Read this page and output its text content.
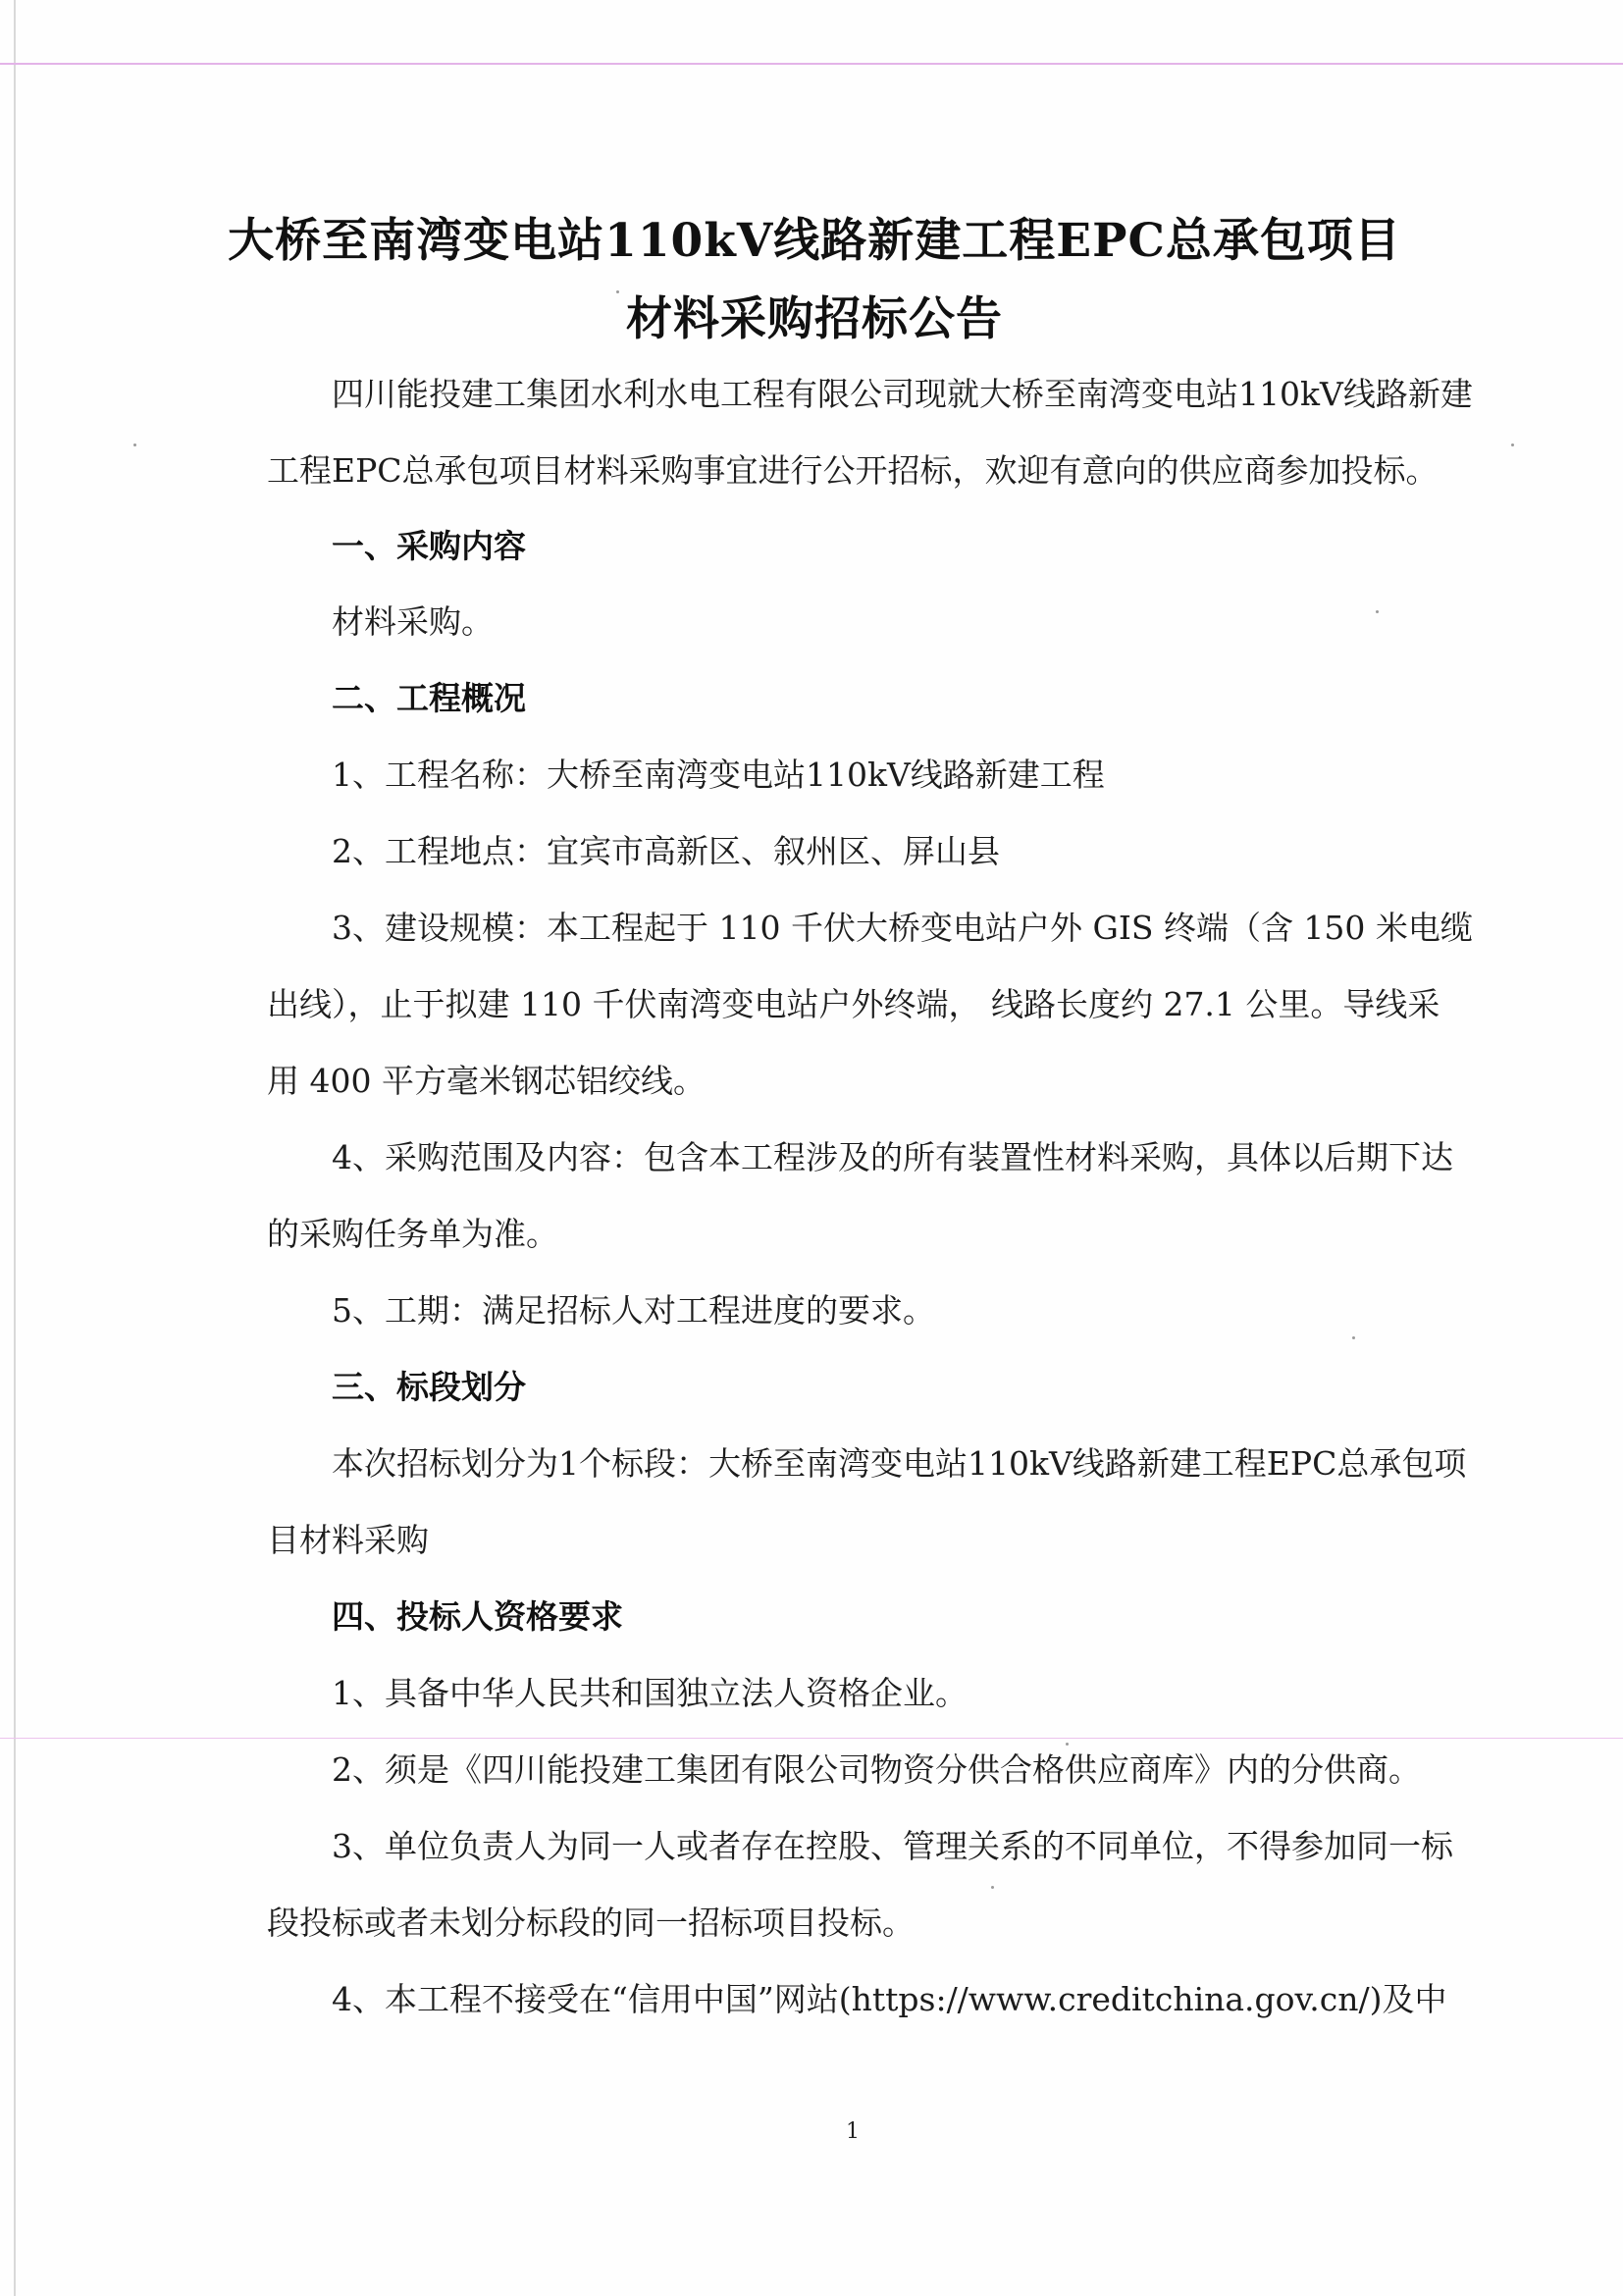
大桥至南湾变电站110kV线路新建工程EPC总承包项目
材料采购招标公告
四川能投建工集团水利水电工程有限公司现就大桥至南湾变电站110kV线路新建
工程EPC总承包项目材料采购事宜进行公开招标，欢迎有意向的供应商参加投标。
一、采购内容
材料采购。
二、工程概况
1、工程名称：大桥至南湾变电站110kV线路新建工程
2、工程地点：宜宾市高新区、叙州区、屏山县
3、建设规模：本工程起于 110 千伏大桥变电站户外 GIS 终端（含 150 米电缆
出线），止于拟建 110 千伏南湾变电站户外终端， 线路长度约 27.1 公里。导线采
用 400 平方毫米钢芯铝绞线。
4、采购范围及内容：包含本工程涉及的所有装置性材料采购，具体以后期下达
的采购任务单为准。
5、工期：满足招标人对工程进度的要求。
三、标段划分
本次招标划分为1个标段：大桥至南湾变电站110kV线路新建工程EPC总承包项
目材料采购
四、投标人资格要求
1、具备中华人民共和国独立法人资格企业。
2、须是《四川能投建工集团有限公司物资分供合格供应商库》内的分供商。
3、单位负责人为同一人或者存在控股、管理关系的不同单位，不得参加同一标
段投标或者未划分标段的同一招标项目投标。
4、本工程不接受在“信用中国”网站(https://www.creditchina.gov.cn/)及中
1
